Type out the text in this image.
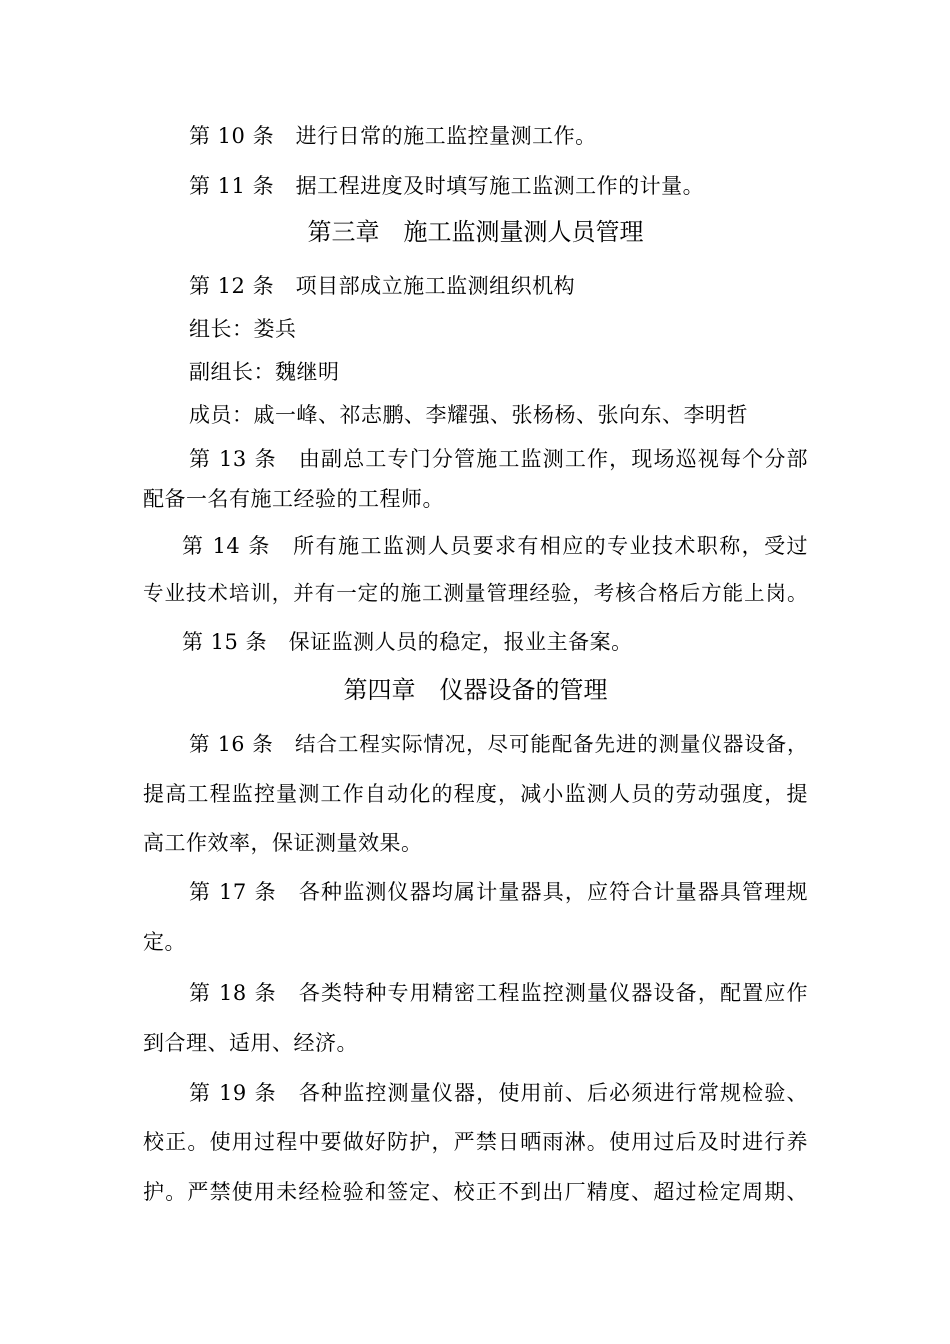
第 10 条　进行日常的施工监控量测工作。
第 11 条　据工程进度及时填写施工监测工作的计量。
第三章　施工监测量测人员管理
第 12 条　项目部成立施工监测组织机构
组长：娄兵
副组长：魏继明
成员：戚一峰、祁志鹏、李耀强、张杨杨、张向东、李明哲
第 13 条　由副总工专门分管施工监测工作，现场巡视每个分部
配备一名有施工经验的工程师。
第 14 条　所有施工监测人员要求有相应的专业技术职称，受过
专业技术培训，并有一定的施工测量管理经验，考核合格后方能上岗。
第 15 条　保证监测人员的稳定，报业主备案。
第四章　仪器设备的管理
第 16 条　结合工程实际情况，尽可能配备先进的测量仪器设备，
提高工程监控量测工作自动化的程度，减小监测人员的劳动强度，提
高工作效率，保证测量效果。
第 17 条　各种监测仪器均属计量器具，应符合计量器具管理规
定。
第 18 条　各类特种专用精密工程监控测量仪器设备，配置应作
到合理、适用、经济。
第 19 条　各种监控测量仪器，使用前、后必须进行常规检验、
校正。使用过程中要做好防护，严禁日晒雨淋。使用过后及时进行养
护。严禁使用未经检验和签定、校正不到出厂精度、超过检定周期、
